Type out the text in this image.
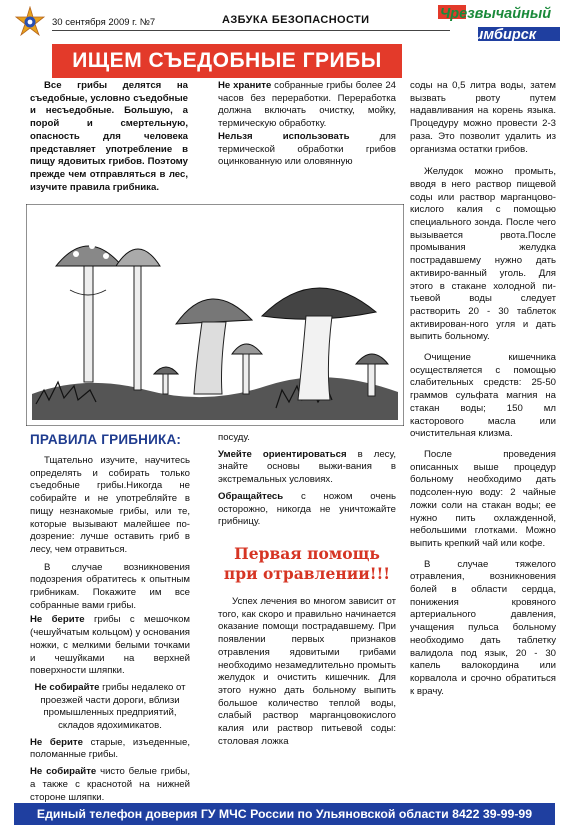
30 сентября 2009 г. №7	АЗБУКА БЕЗОПАСНОСТИ	Чрезвычайный
Симбирск
ИЩЕМ СЪЕДОБНЫЕ ГРИБЫ
Все грибы делятся на съедобные, условно съедобные и несъедобные. Большую, а порой и смертельную, опасность для человека представляет употребление в пищу ядовитых грибов. Поэтому прежде чем отправляться в лес, изучите правила грибника.

Не храните собранные грибы более 24 часов без переработки. Переработка должна включать очистку, мойку, термическую обработку.

Нельзя использовать для термической обработки грибов оцинкованную или оловянную

соды на 0,5 литра воды, затем вызвать рвоту путем надавливания на корень языка. Процедуру можно провести 2-3 раза. Это позволит удалить из организма остатки грибов.

Желудок можно промыть, вводя в него раствор пищевой соды или раствор марганцово- кислого калия с помощью специального зонда. После чего вызывается рвота.После промывания желудка пострадавшему нужно дать активиро-ванный уголь. Для этого в стакане холодной питьевой воды следует растворить 20 - 30 таблеток активирован-ного угля и дать выпить больному.

Очищение кишечника осуществляется с помощью слабительных средств: 25-50 граммов сульфата магния на стакан воды; 150 мл касторового масла или очистительная клизма.

После проведения описанных выше процедур больному необходимо дать подсолен-ную воду: 2 чайные ложки соли на стакан воды; ее нужно пить охлажденной, небольшими глотками. Можно выпить крепкий чай или кофе.

В случае тяжелого отравления, возникновения болей в области сердца, понижения кровяного артериального давления, учащения пульса больному необходимо дать таблетку валидола под язык, 20 - 30 капель валокордина или корвалола и срочно обратиться к врачу.

ПРАВИЛА ГРИБНИКА:

Тщательно изучите, научитесь определять и собирать только съедобные грибы.Никогда не собирайте и не употребляйте в пищу незнакомые грибы, или те, которые вызывают малейшее подозрение: лучше оставить гриб в лесу, чем отравиться.

В случае возникновения подозрения обратитесь к опытным грибникам. Покажите им все собранные вами грибы.

Не берите грибы с мешочком (чешуйчатым кольцом) у основания ножки, с мелкими белыми точками и чешуйками на верхней поверхности шляпки.

Не собирайте грибы недалеко от проезжей части дороги, вблизи промышленных предприятий, складов ядохимикатов.

Не берите старые, изъеденные, поломанные грибы.

Не собирайте чисто белые грибы, а также с краснотой на нижней стороне шляпки.

посуду.

Умейте ориентироваться в лесу, знайте основы выжи-вания в экстремальных условиях.

Обращайтесь с ножом очень осторожно, никогда не уничтожайте грибницу.

Первая помощь при отравлении!!!
Успех лечения во многом зависит от того, как скоро и правильно начинается оказание помощи пострадавшему. При появлении первых признаков отравления ядовитыми грибами необходимо незамедлительно промыть желудок и очистить кишечник. Для этого нужно дать больному выпить большое количество теплой воды, слабый раствор марганцовокислого калия или раствор питьевой соды: столовая ложка
Единый телефон доверия ГУ МЧС России по Ульяновской области 8422 39-99-99
